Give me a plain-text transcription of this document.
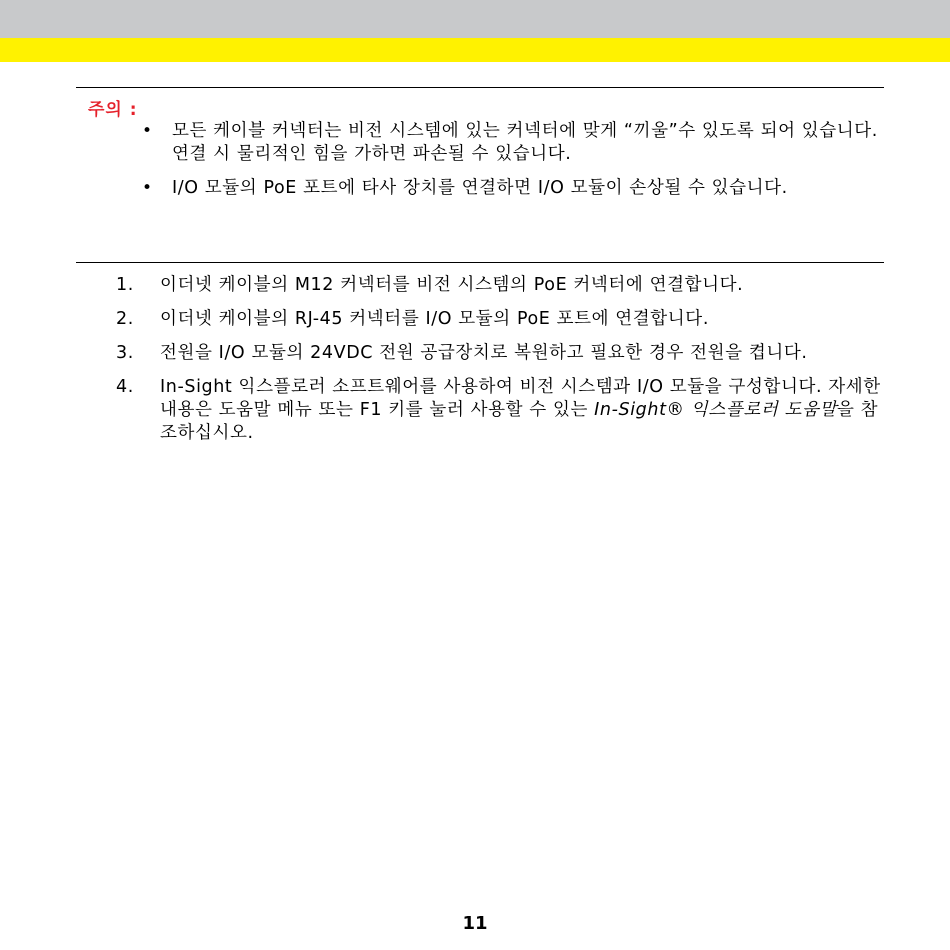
주의 :
•	모든 케이블 커넥터는 비전 시스템에 있는 커넥터에 맞게 “끼울”수 있도록 되어 있습니다. 연결 시 물리적인 힘을 가하면 파손될 수 있습니다.
•	I/O 모듈의 PoE 포트에 타사 장치를 연결하면 I/O 모듈이 손상될 수 있습니다.
1.	이더넷 케이블의 M12 커넥터를 비전 시스템의 PoE 커넥터에 연결합니다.
2.	이더넷 케이블의 RJ-45 커넥터를 I/O 모듈의 PoE 포트에 연결합니다.
3.	전원을 I/O 모듈의 24VDC 전원 공급장치로 복원하고 필요한 경우 전원을 켭니다.
4.	In-Sight 익스플로러 소프트웨어를 사용하여 비전 시스템과 I/O 모듈을 구성합니다. 자세한 내용은 도움말 메뉴 또는 F1 키를 눌러 사용할 수 있는 In-Sight® 익스플로러 도움말을 참조하십시오.
11
